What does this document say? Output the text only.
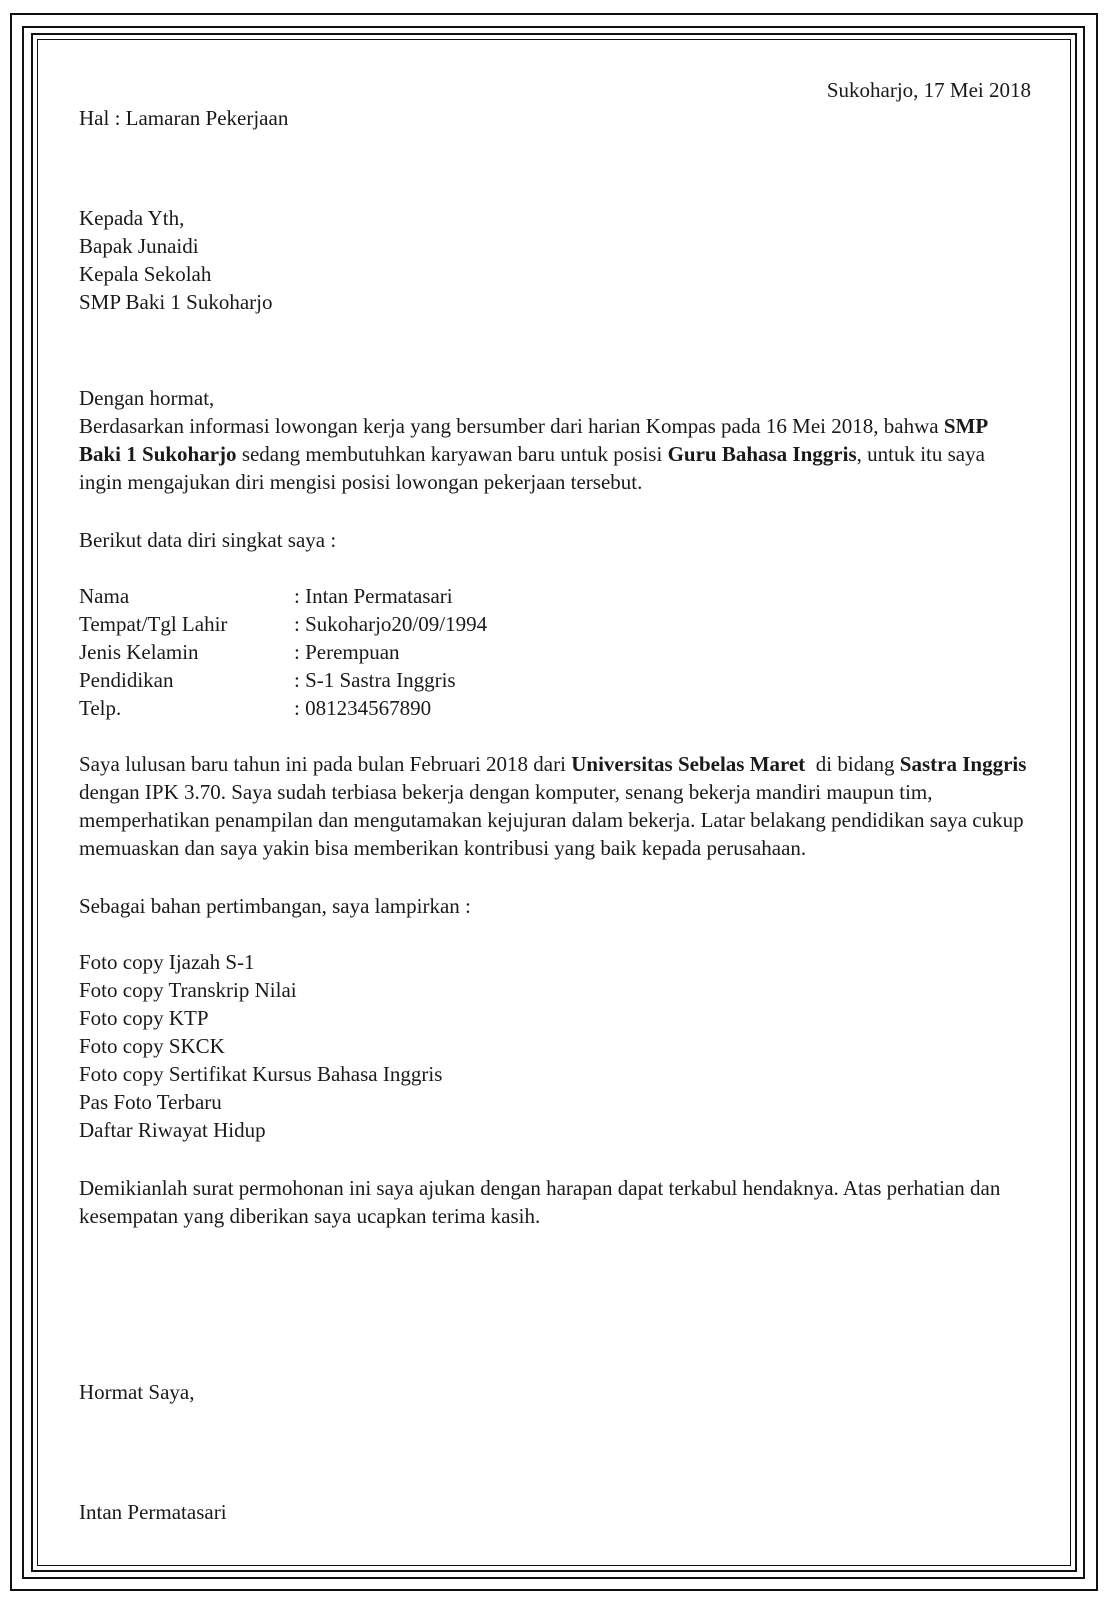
Sukoharjo, 17 Mei 2018

Hal : Lamaran Pekerjaan

Kepada Yth,

Bapak Junaidi

Kepala Sekolah

SMP Baki 1 Sukoharjo

Dengan hormat,

Berdasarkan informasi lowongan kerja yang bersumber dari harian Kompas pada 16 Mei 2018, bahwa SMP Baki 1 Sukoharjo sedang membutuhkan karyawan baru untuk posisi Guru Bahasa Inggris, untuk itu saya ingin mengajukan diri mengisi posisi lowongan pekerjaan tersebut.

Berikut data diri singkat saya :

Nama	: Intan Permatasari
Tempat/Tgl Lahir	: Sukoharjo20/09/1994
Jenis Kelamin	: Perempuan
Pendidikan	: S-1 Sastra Inggris
Telp.	: 081234567890

Saya lulusan baru tahun ini pada bulan Februari 2018 dari Universitas Sebelas Maret  di bidang Sastra Inggris dengan IPK 3.70. Saya sudah terbiasa bekerja dengan komputer, senang bekerja mandiri maupun tim, memperhatikan penampilan dan mengutamakan kejujuran dalam bekerja. Latar belakang pendidikan saya cukup memuaskan dan saya yakin bisa memberikan kontribusi yang baik kepada perusahaan.

Sebagai bahan pertimbangan, saya lampirkan :

Foto copy Ijazah S-1
Foto copy Transkrip Nilai
Foto copy KTP
Foto copy SKCK
Foto copy Sertifikat Kursus Bahasa Inggris
Pas Foto Terbaru
Daftar Riwayat Hidup

Demikianlah surat permohonan ini saya ajukan dengan harapan dapat terkabul hendaknya. Atas perhatian dan kesempatan yang diberikan saya ucapkan terima kasih.

Hormat Saya,

Intan Permatasari
